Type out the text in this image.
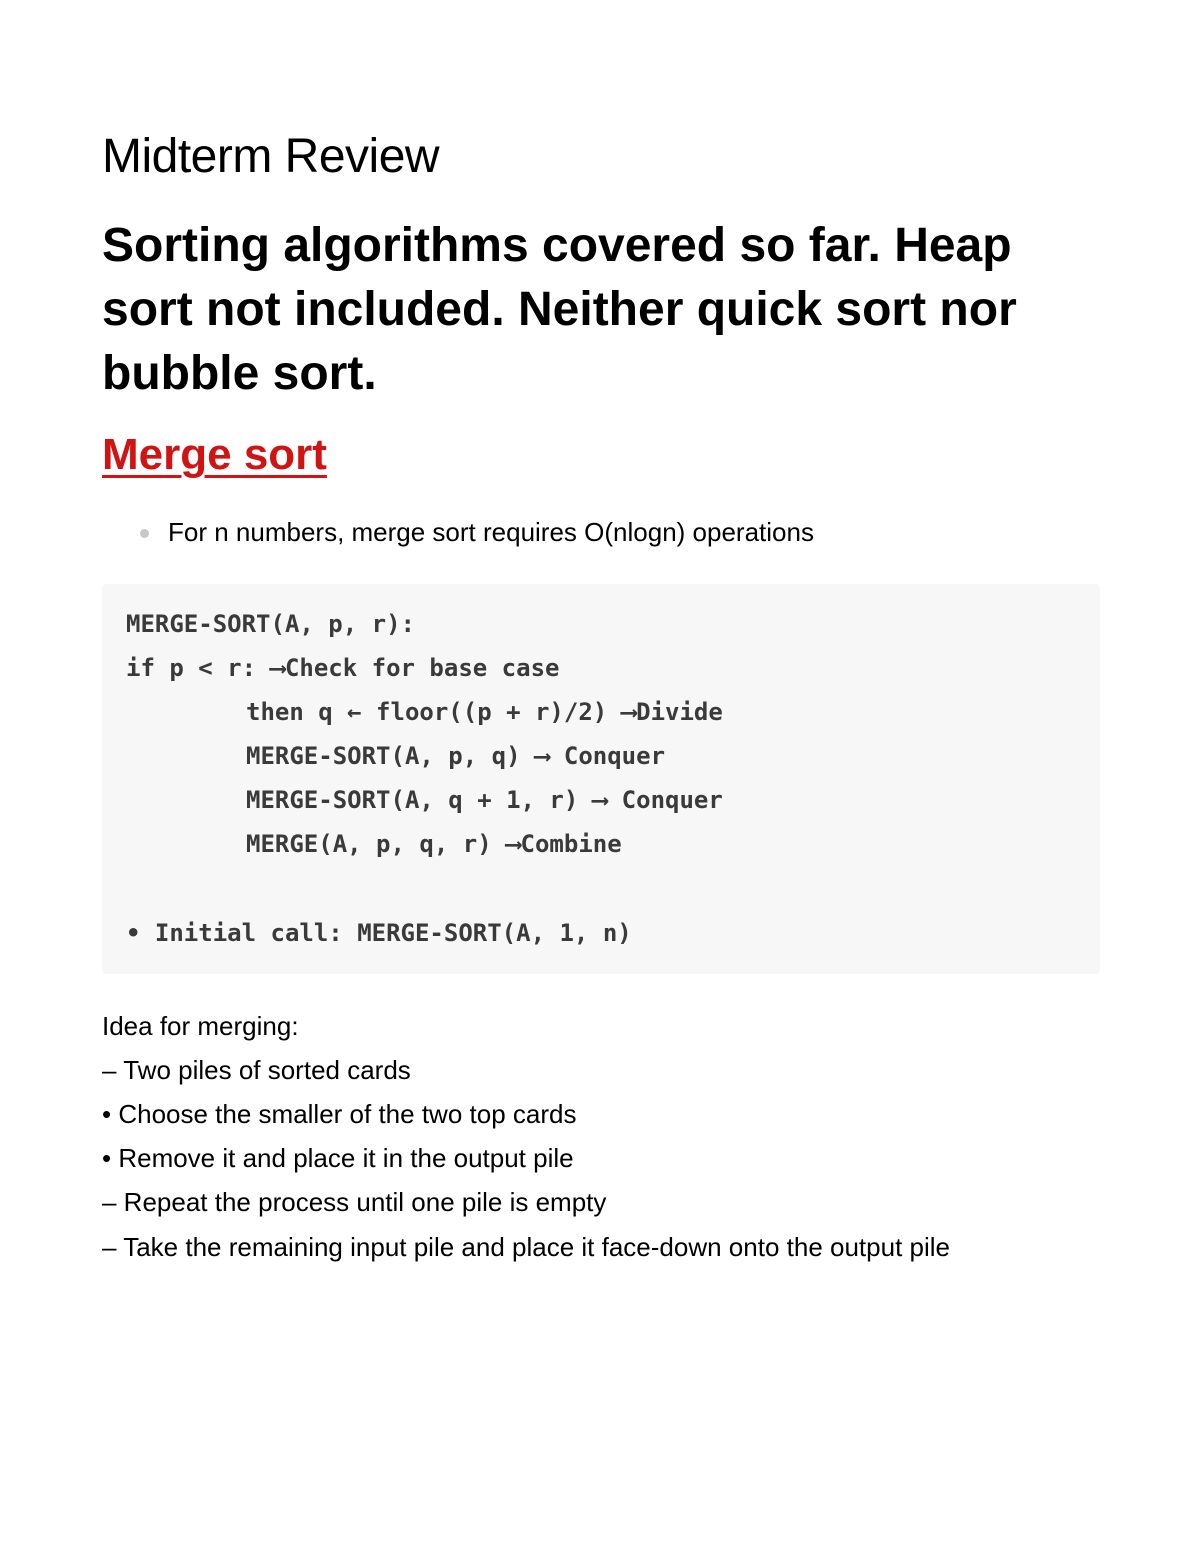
Midterm Review
Sorting algorithms covered so far. Heap sort not included. Neither quick sort nor bubble sort.
Merge sort
For n numbers, merge sort requires O(nlogn) operations

MERGE-SORT(A, p, r):

if p < r: ⟶Check for base case

then q ← floor((p + r)/2) ⟶Divide

MERGE-SORT(A, p, q) ⟶ Conquer

MERGE-SORT(A, q + 1, r) ⟶ Conquer

MERGE(A, p, q, r) ⟶Combine

• Initial call: MERGE-SORT(A, 1, n)

Idea for merging:

– Two piles of sorted cards

• Choose the smaller of the two top cards

• Remove it and place it in the output pile

– Repeat the process until one pile is empty

– Take the remaining input pile and place it face-down onto the output pile
